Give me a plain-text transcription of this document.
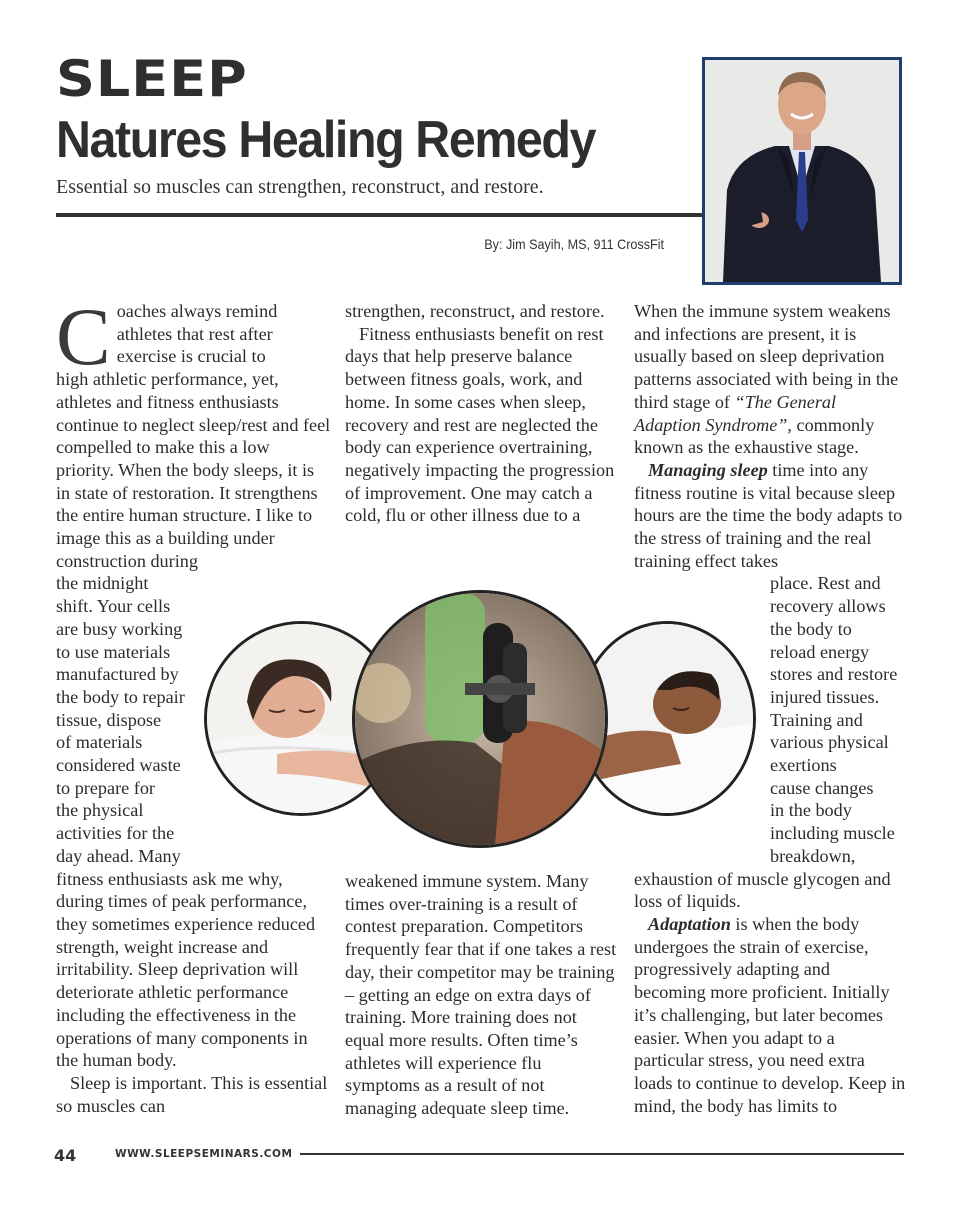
SLEEP
Natures Healing Remedy
Essential so muscles can strengthen, reconstruct, and restore.
By: Jim Sayih, MS, 911 CrossFit

C oaches always remind
athletes that rest after
exercise is crucial to

high athletic performance, yet, athletes and fitness enthusiasts continue to neglect sleep/rest and feel compelled to make this a low priority. When the body sleeps, it is in state of restoration. It strengthens the entire human structure. I like to image this as a building under construction during

the midnight
shift. Your cells
are busy working
to use materials
manufactured by
the body to repair
tissue, dispose
of materials
considered waste
to prepare for
the physical
activities for the
day ahead. Many

fitness enthusiasts ask me why, during times of peak performance, they sometimes experience reduced strength, weight increase and irritability. Sleep deprivation will deteriorate athletic performance including the effectiveness in the operations of many components in the human body.

Sleep is important. This is essential so muscles can

strengthen, reconstruct, and restore.

Fitness enthusiasts benefit on rest days that help preserve balance between fitness goals, work, and home. In some cases when sleep, recovery and rest are neglected the body can experience overtraining, negatively impacting the progression of improvement. One may catch a cold, flu or other illness due to a

weakened immune system. Many times over-training is a result of contest preparation. Competitors frequently fear that if one takes a rest day, their competitor may be training – getting an edge on extra days of training. More training does not equal more results. Often time’s athletes will experience flu symptoms as a result of not managing adequate sleep time.

When the immune system weakens and infections are present, it is usually based on sleep deprivation patterns associated with being in the third stage of “The General Adaption Syndrome”, commonly known as the exhaustive stage.

Managing sleep time into any fitness routine is vital because sleep hours are the time the body adapts to the stress of training and the real training effect takes

place. Rest and
recovery allows
the body to
reload energy
stores and restore
injured tissues.
Training and
various physical
exertions
cause changes
in the body
including muscle
breakdown,

exhaustion of muscle glycogen and loss of liquids.

Adaptation is when the body undergoes the strain of exercise, progressively adapting and becoming more proficient. Initially it’s challenging, but later becomes easier. When you adapt to a particular stress, you need extra loads to continue to develop. Keep in mind, the body has limits to

44	WWW.SLEEPSEMINARS.COM
